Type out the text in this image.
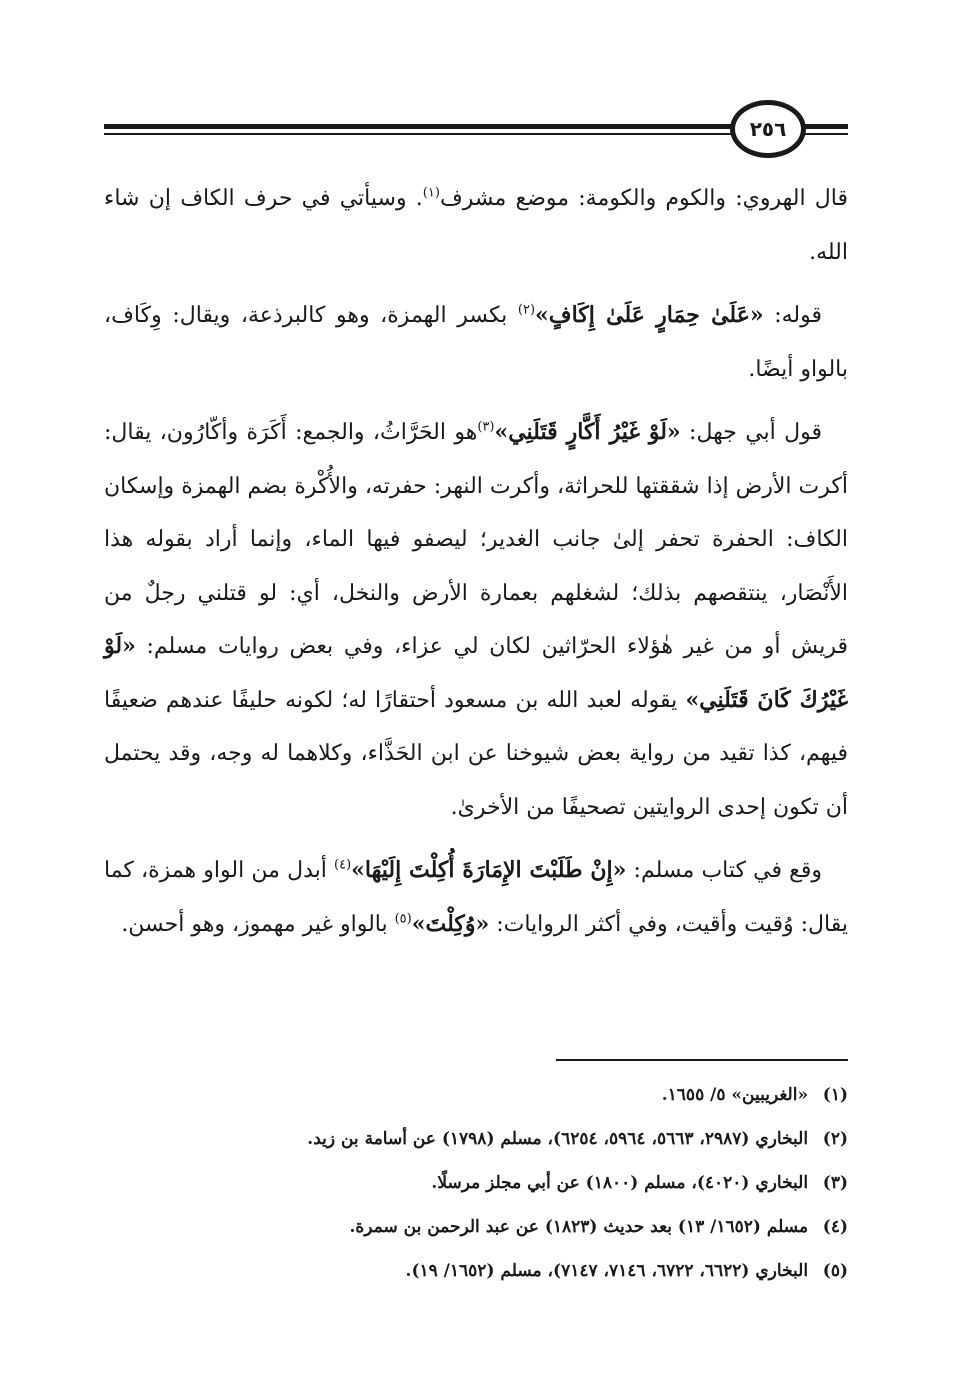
٢٥٦

قال الهروي: والكوم والكومة: موضع مشرف$^{(١)}$. وسيأتي في حرف الكاف إن شاء الله.

قوله: «عَلَىٰ حِمَارٍ عَلَىٰ إِكَافٍ»$^{(٢)}$ بكسر الهمزة، وهو كالبرذعة، ويقال: وِكَاف، بالواو أيضًا.

قول أبي جهل: «لَوْ غَيْرُ أَكَّارٍ قَتَلَنِي»$^{(٣)}$هو الحَرَّاثُ، والجمع: أَكَرَة وأكّارُون، يقال: أكرت الأرض إذا شققتها للحراثة، وأكرت النهر: حفرته، والأُكْرة بضم الهمزة وإسكان الكاف: الحفرة تحفر إلىٰ جانب الغدير؛ ليصفو فيها الماء، وإنما أراد بقوله هذا الأَنْصَار، ينتقصهم بذلك؛ لشغلهم بعمارة الأرض والنخل، أي: لو قتلني رجلٌ من قريش أو من غير هٰؤلاء الحرّاثين لكان لي عزاء، وفي بعض روايات مسلم: «لَوْ غَيْرُكَ كَانَ قَتَلَنِي» يقوله لعبد الله بن مسعود أحتقارًا له؛ لكونه حليفًا عندهم ضعيفًا فيهم، كذا تقيد من رواية بعض شيوخنا عن ابن الحَذَّاء، وكلاهما له وجه، وقد يحتمل أن تكون إحدى الروايتين تصحيفًا من الأخرىٰ.

وقع في كتاب مسلم: «إِنْ طَلَبْتَ الإِمَارَةَ أُكِلْتَ إِلَيْهَا»$^{(٤)}$ أبدل من الواو همزة، كما يقال: وُقيت وأقيت، وفي أكثر الروايات: «وُكِلْتَ»$^{(٥)}$ بالواو غير مهموز، وهو أحسن.

(١) «الغريبين» ٥/ ١٦٥٥.
(٢) البخاري (٢٩٨٧، ٥٦٦٣، ٥٩٦٤، ٦٢٥٤)، مسلم (١٧٩٨) عن أسامة بن زيد.
(٣) البخاري (٤٠٢٠)، مسلم (١٨٠٠) عن أبي مجلز مرسلًا.
(٤) مسلم (١٦٥٢/ ١٣) بعد حديث (١٨٢٣) عن عبد الرحمن بن سمرة.
(٥) البخاري (٦٦٢٢، ٦٧٢٢، ٧١٤٦، ٧١٤٧)، مسلم (١٦٥٢/ ١٩).
